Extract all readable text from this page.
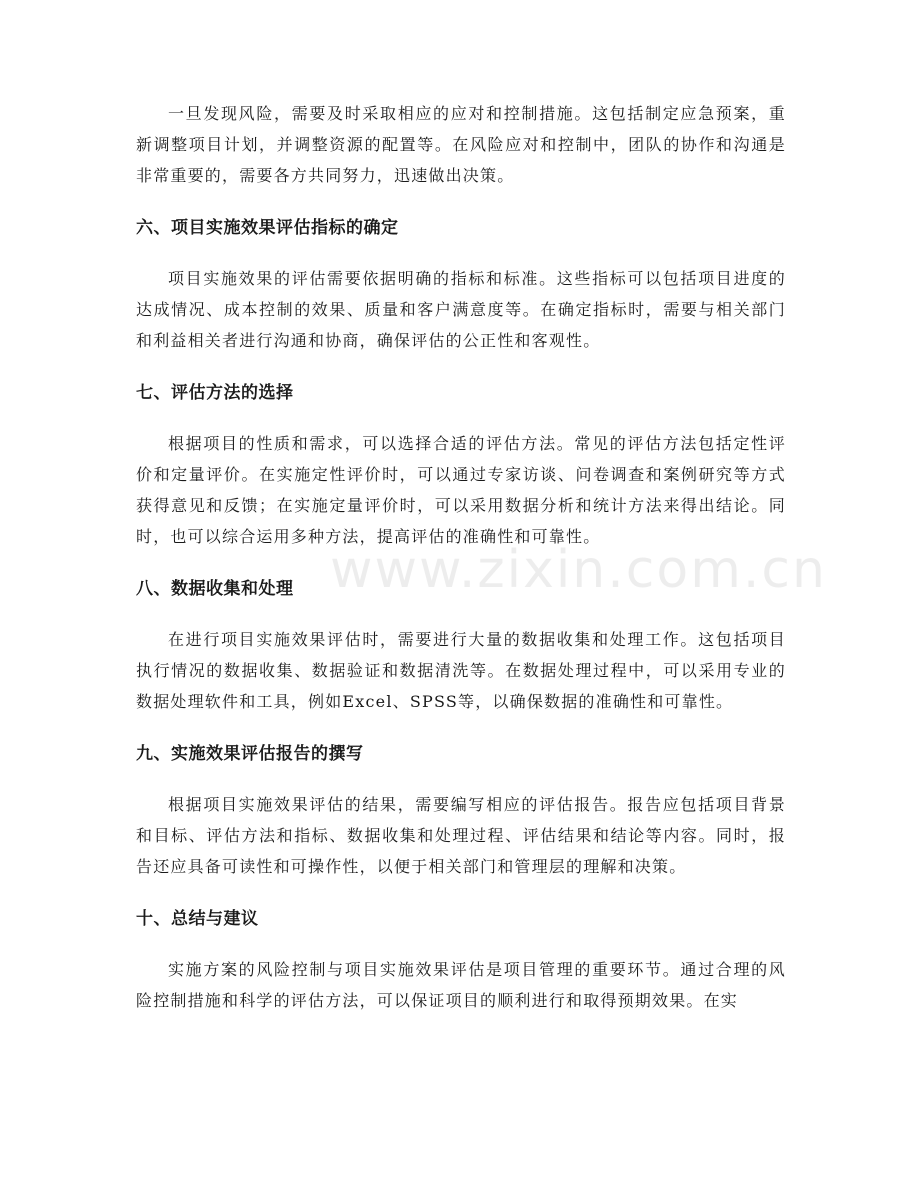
一旦发现风险，需要及时采取相应的应对和控制措施。这包括制定应急预案，重新调整项目计划，并调整资源的配置等。在风险应对和控制中，团队的协作和沟通是非常重要的，需要各方共同努力，迅速做出决策。

六、项目实施效果评估指标的确定

项目实施效果的评估需要依据明确的指标和标准。这些指标可以包括项目进度的达成情况、成本控制的效果、质量和客户满意度等。在确定指标时，需要与相关部门和利益相关者进行沟通和协商，确保评估的公正性和客观性。

七、评估方法的选择

根据项目的性质和需求，可以选择合适的评估方法。常见的评估方法包括定性评价和定量评价。在实施定性评价时，可以通过专家访谈、问卷调查和案例研究等方式获得意见和反馈；在实施定量评价时，可以采用数据分析和统计方法来得出结论。同时，也可以综合运用多种方法，提高评估的准确性和可靠性。

八、数据收集和处理

在进行项目实施效果评估时，需要进行大量的数据收集和处理工作。这包括项目执行情况的数据收集、数据验证和数据清洗等。在数据处理过程中，可以采用专业的数据处理软件和工具，例如Excel、SPSS等，以确保数据的准确性和可靠性。

九、实施效果评估报告的撰写

根据项目实施效果评估的结果，需要编写相应的评估报告。报告应包括项目背景和目标、评估方法和指标、数据收集和处理过程、评估结果和结论等内容。同时，报告还应具备可读性和可操作性，以便于相关部门和管理层的理解和决策。

十、总结与建议

实施方案的风险控制与项目实施效果评估是项目管理的重要环节。通过合理的风险控制措施和科学的评估方法，可以保证项目的顺利进行和取得预期效果。在实

www.zixin.com.cn
